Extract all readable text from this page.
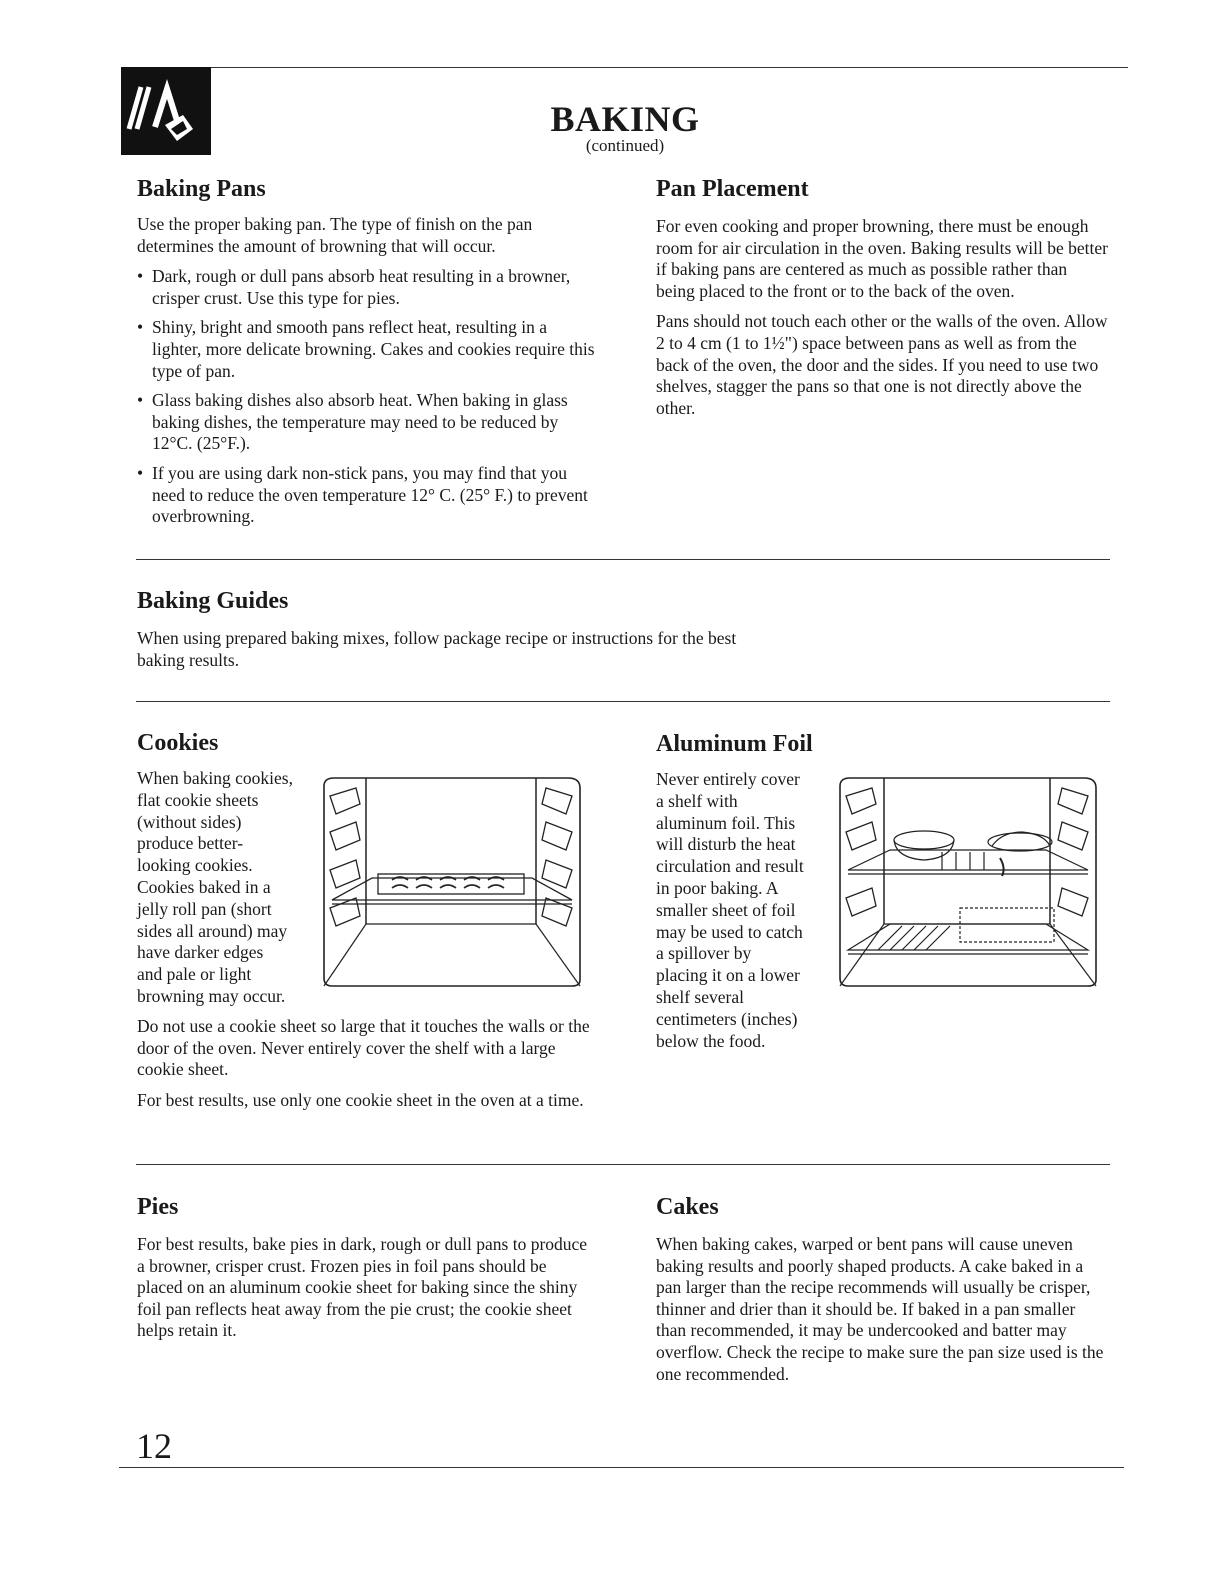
BAKING
(continued)
Baking Pans

Use the proper baking pan. The type of finish on the pan determines the amount of browning that will occur.

• Dark, rough or dull pans absorb heat resulting in a browner, crisper crust. Use this type for pies.
• Shiny, bright and smooth pans reflect heat, resulting in a lighter, more delicate browning. Cakes and cookies require this type of pan.
• Glass baking dishes also absorb heat. When baking in glass baking dishes, the temperature may need to be reduced by 12°C. (25°F.).
• If you are using dark non-stick pans, you may find that you need to reduce the oven temperature 12° C. (25° F.) to prevent overbrowning.
Pan Placement

For even cooking and proper browning, there must be enough room for air circulation in the oven. Baking results will be better if baking pans are centered as much as possible rather than being placed to the front or to the back of the oven.

Pans should not touch each other or the walls of the oven. Allow 2 to 4 cm (1 to 1½") space between pans as well as from the back of the oven, the door and the sides. If you need to use two shelves, stagger the pans so that one is not directly above the other.

Baking Guides
When using prepared baking mixes, follow package recipe or instructions for the best baking results.
Cookies
When baking cookies,
flat cookie sheets
(without sides)
produce better-
looking cookies.
Cookies baked in a
jelly roll pan (short
sides all around) may
have darker edges
and pale or light
browning may occur.

Do not use a cookie sheet so large that it touches the walls or the door of the oven. Never entirely cover the shelf with a large cookie sheet.

For best results, use only one cookie sheet in the oven at a time.

Aluminum Foil
Never entirely cover
a shelf with
aluminum foil. This
will disturb the heat
circulation and result
in poor baking. A
smaller sheet of foil
may be used to catch
a spillover by
placing it on a lower
shelf several
centimeters (inches)
below the food.
Pies
For best results, bake pies in dark, rough or dull pans to produce a browner, crisper crust. Frozen pies in foil pans should be placed on an aluminum cookie sheet for baking since the shiny foil pan reflects heat away from the pie crust; the cookie sheet helps retain it.
Cakes
When baking cakes, warped or bent pans will cause uneven baking results and poorly shaped products. A cake baked in a pan larger than the recipe recommends will usually be crisper, thinner and drier than it should be. If baked in a pan smaller than recommended, it may be undercooked and batter may overflow. Check the recipe to make sure the pan size used is the one recommended.
12
